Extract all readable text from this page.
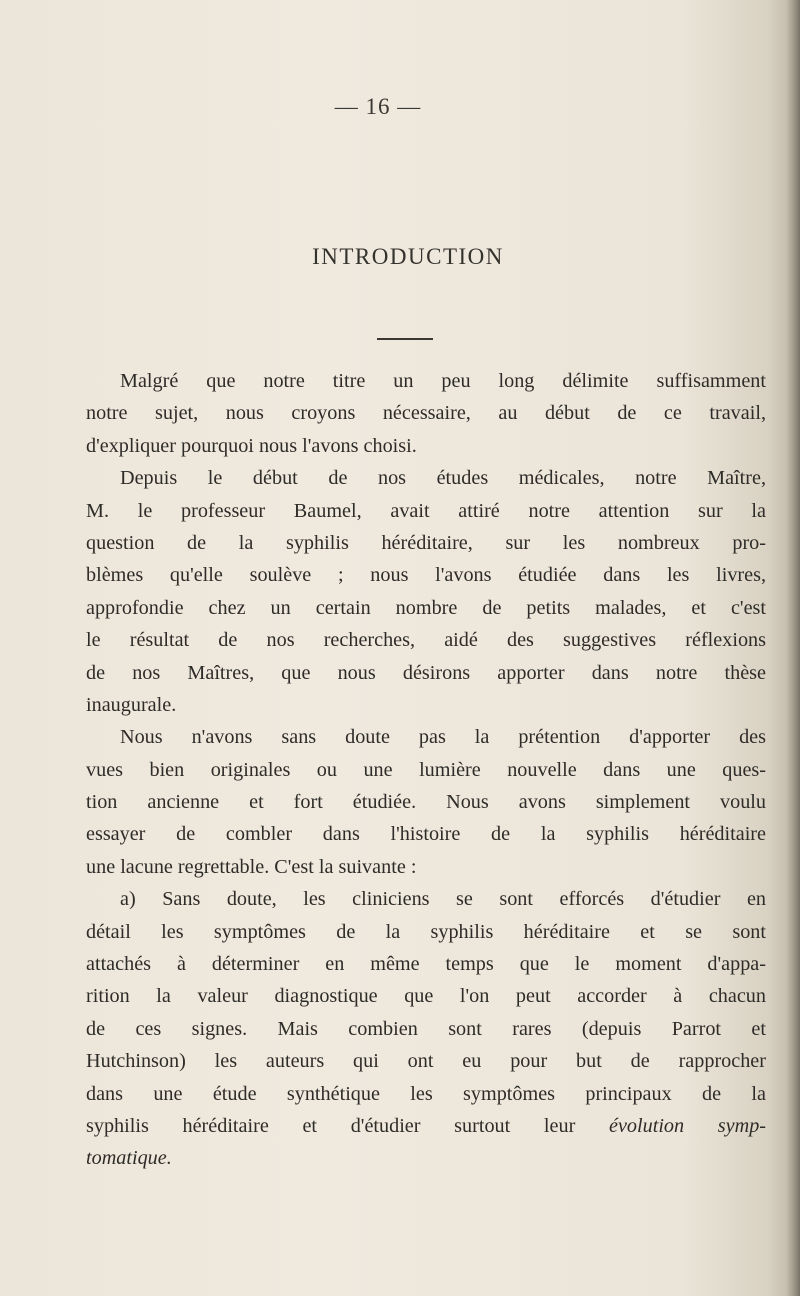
— 16 —
INTRODUCTION
Malgré que notre titre un peu long délimite suffisamment
notre sujet, nous croyons nécessaire, au début de ce travail,
d'expliquer pourquoi nous l'avons choisi.
Depuis le début de nos études médicales, notre Maître,
M. le professeur Baumel, avait attiré notre attention sur la
question de la syphilis héréditaire, sur les nombreux pro-
blèmes qu'elle soulève ; nous l'avons étudiée dans les livres,
approfondie chez un certain nombre de petits malades, et c'est
le résultat de nos recherches, aidé des suggestives réflexions
de nos Maîtres, que nous désirons apporter dans notre thèse
inaugurale.
Nous n'avons sans doute pas la prétention d'apporter des
vues bien originales ou une lumière nouvelle dans une ques-
tion ancienne et fort étudiée. Nous avons simplement voulu
essayer de combler dans l'histoire de la syphilis héréditaire
une lacune regrettable. C'est la suivante :
a) Sans doute, les cliniciens se sont efforcés d'étudier en
détail les symptômes de la syphilis héréditaire et se sont
attachés à déterminer en même temps que le moment d'appa-
rition la valeur diagnostique que l'on peut accorder à chacun
de ces signes. Mais combien sont rares (depuis Parrot et
Hutchinson) les auteurs qui ont eu pour but de rapprocher
dans une étude synthétique les symptômes principaux de la
syphilis héréditaire et d'étudier surtout leur évolution symp-
tomatique.
